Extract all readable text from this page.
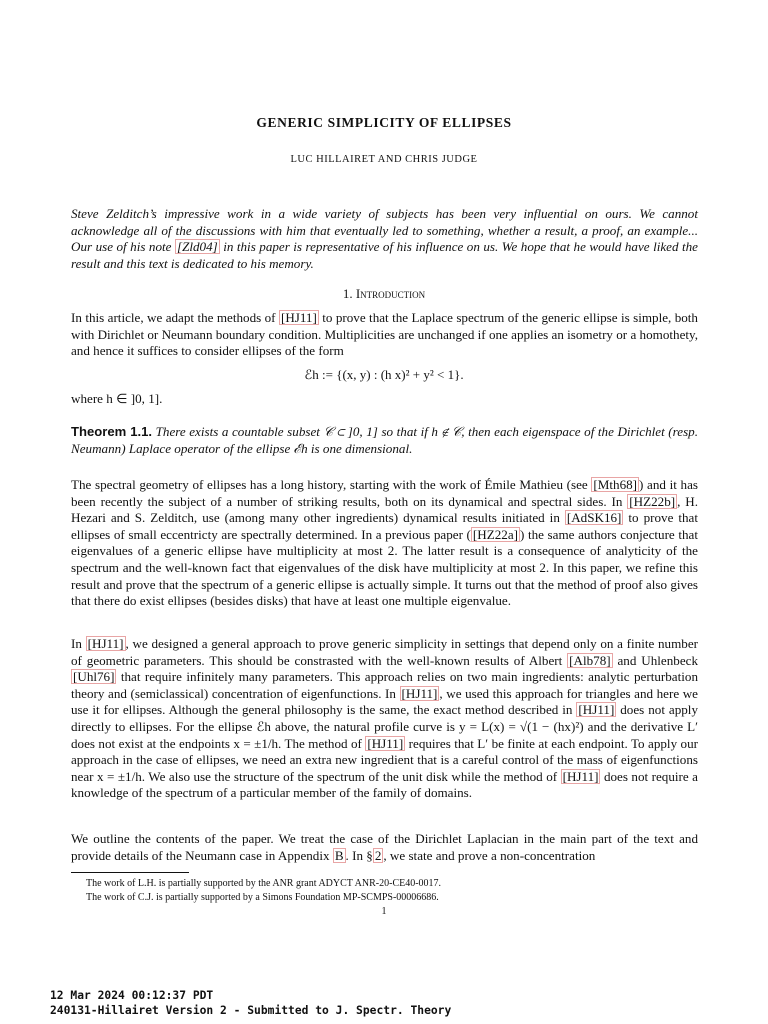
GENERIC SIMPLICITY OF ELLIPSES
LUC HILLAIRET AND CHRIS JUDGE
Steve Zelditch’s impressive work in a wide variety of subjects has been very influential on ours. We cannot acknowledge all of the discussions with him that eventually led to something, whether a result, a proof, an example... Our use of his note [Zld04] in this paper is representative of his influence on us. We hope that he would have liked the result and this text is dedicated to his memory.
1. Introduction
In this article, we adapt the methods of [HJ11] to prove that the Laplace spectrum of the generic ellipse is simple, both with Dirichlet or Neumann boundary condition. Multiplicities are unchanged if one applies an isometry or a homothety, and hence it suffices to consider ellipses of the form
ℰh := {(x, y) : (h x)² + y² < 1}.
where h ∈ ]0, 1].
Theorem 1.1. There exists a countable subset 𝒞 ⊂ ]0, 1] so that if h ∉ 𝒞, then each eigenspace of the Dirichlet (resp. Neumann) Laplace operator of the ellipse ℰh is one dimensional.
The spectral geometry of ellipses has a long history, starting with the work of Émile Mathieu (see [Mth68] ) and it has been recently the subject of a number of striking results, both on its dynamical and spectral sides. In [HZ22b] , H. Hezari and S. Zelditch, use (among many other ingredients) dynamical results initiated in [AdSK16] to prove that ellipses of small eccentricty are spectrally determined. In a previous paper ( [HZ22a] ) the same authors conjecture that eigenvalues of a generic ellipse have multiplicity at most 2. The latter result is a consequence of analyticity of the spectrum and the well-known fact that eigenvalues of the disk have multiplicity at most 2. In this paper, we refine this result and prove that the spectrum of a generic ellipse is actually simple. It turns out that the method of proof also gives that there do exist ellipses (besides disks) that have at least one multiple eigenvalue.
In [HJ11] , we designed a general approach to prove generic simplicity in settings that depend only on a finite number of geometric parameters. This should be constrasted with the well-known results of Albert [Alb78] and Uhlenbeck [Uhl76] that require infinitely many parameters. This approach relies on two main ingredients: analytic perturbation theory and (semiclassical) concentration of eigenfunctions. In [HJ11] , we used this approach for triangles and here we use it for ellipses. Although the general philosophy is the same, the exact method described in [HJ11] does not apply directly to ellipses. For the ellipse ℰh above, the natural profile curve is y = L(x) = √(1 − (hx)²) and the derivative L′ does not exist at the endpoints x = ±1/h. The method of [HJ11] requires that L′ be finite at each endpoint. To apply our approach in the case of ellipses, we need an extra new ingredient that is a careful control of the mass of eigenfunctions near x = ±1/h. We also use the structure of the spectrum of the unit disk while the method of [HJ11] does not require a knowledge of the spectrum of a particular member of the family of domains.
We outline the contents of the paper. We treat the case of the Dirichlet Laplacian in the main part of the text and provide details of the Neumann case in Appendix B . In § 2 , we state and prove a non-concentration
The work of L.H. is partially supported by the ANR grant ADYCT ANR-20-CE40-0017.
The work of C.J. is partially supported by a Simons Foundation MP-SCMPS-00006686.
1
12 Mar 2024 00:12:37 PDT
240131-Hillairet Version 2 - Submitted to J. Spectr. Theory
